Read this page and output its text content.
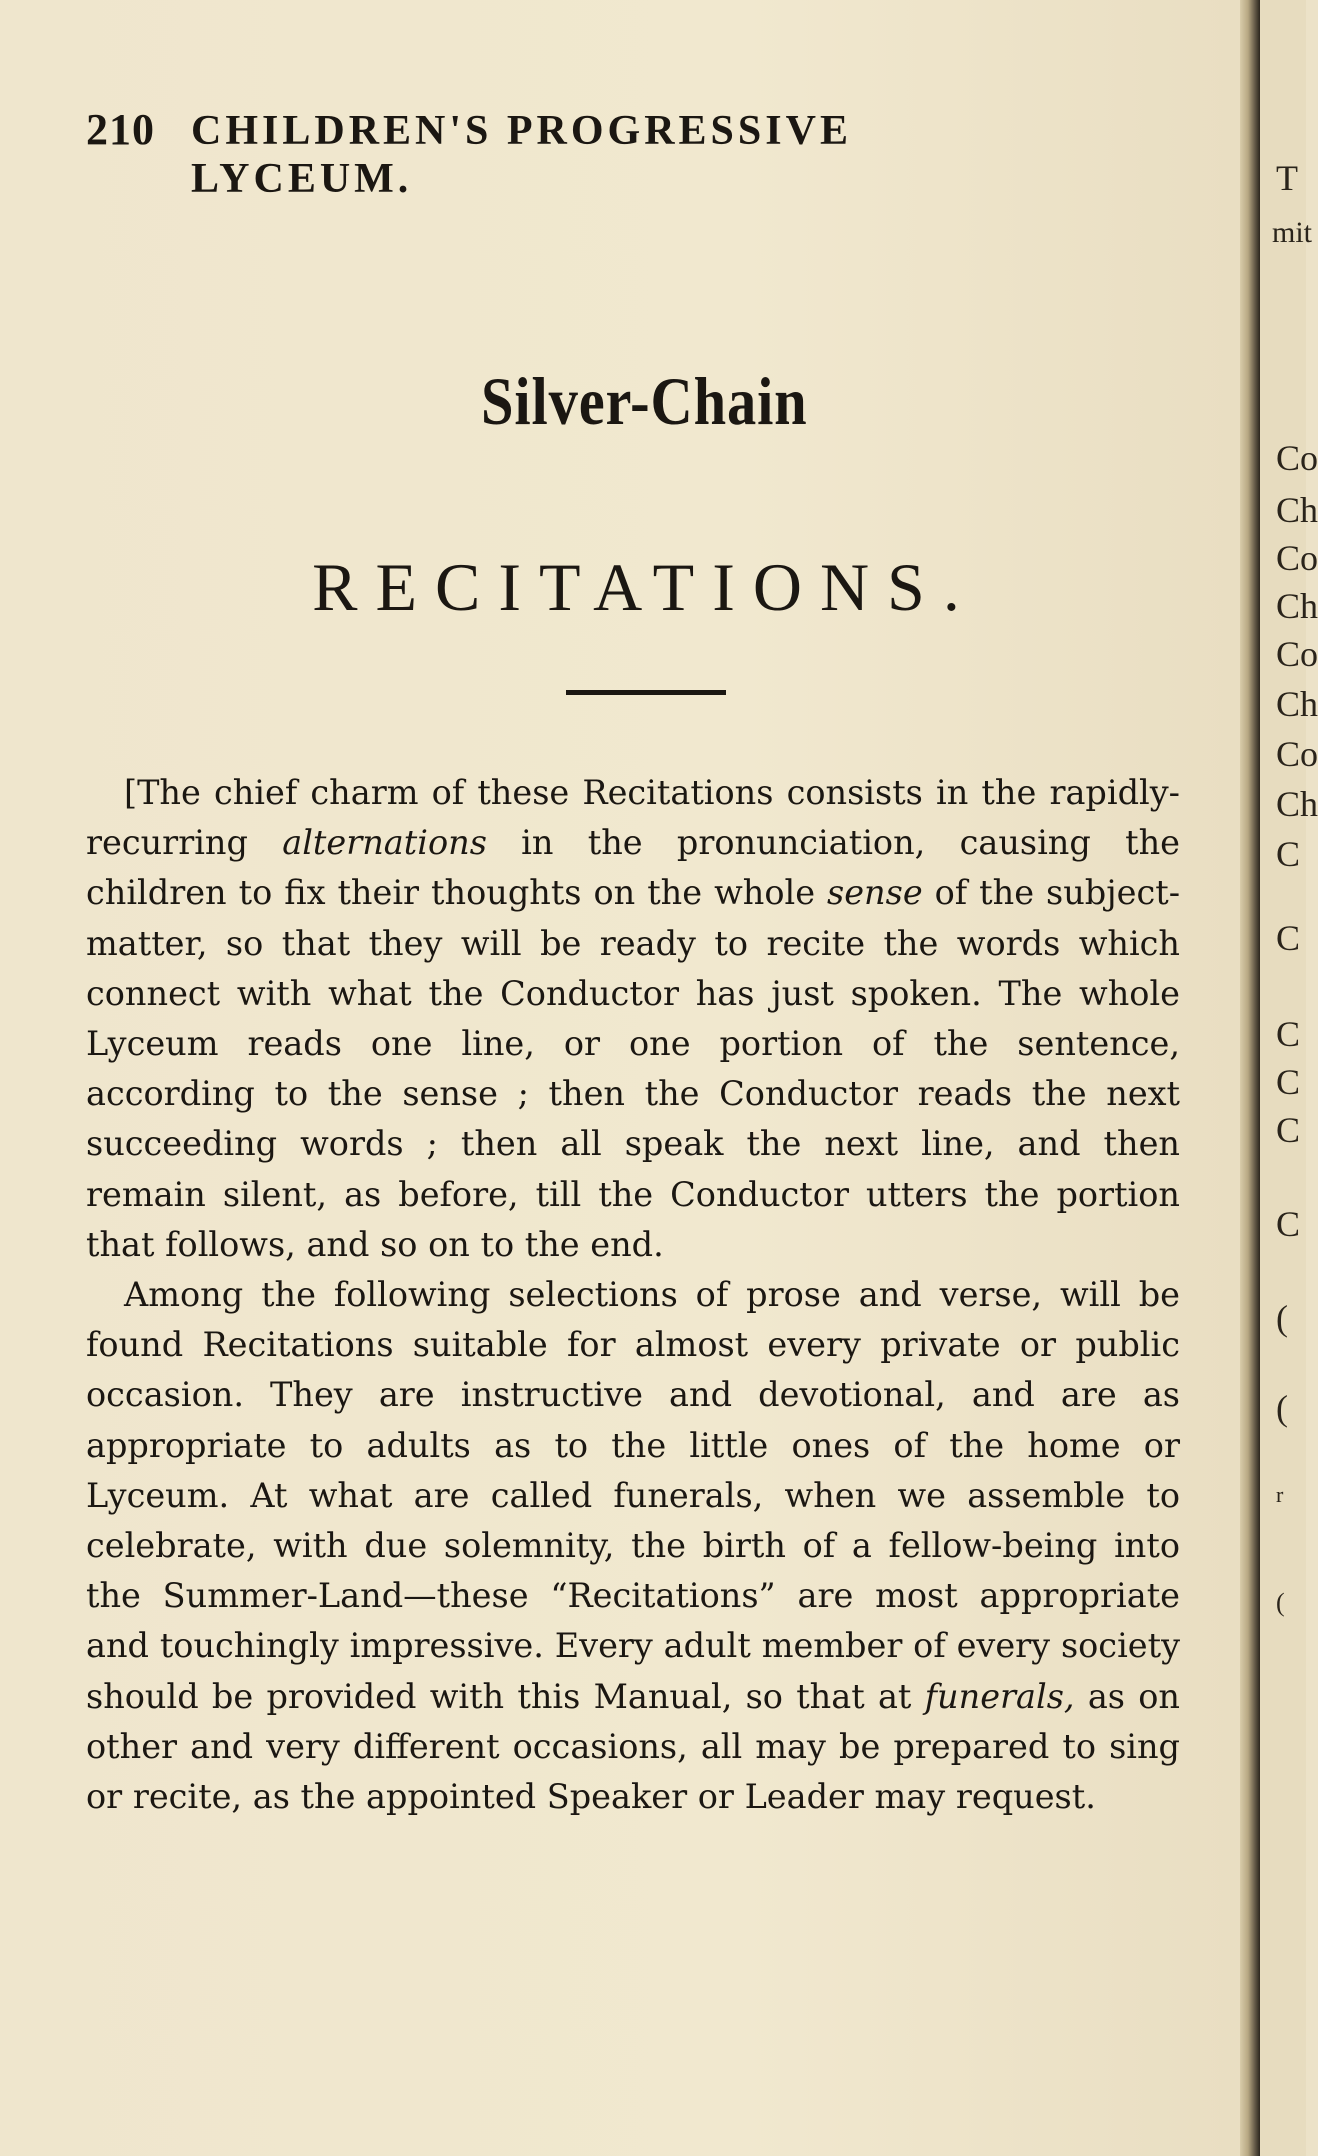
210 CHILDREN'S PROGRESSIVE LYCEUM.
Silver-Chain
RECITATIONS.

[The chief charm of these Recitations consists in the rapidly-recurring alternations in the pronunciation, causing the children to fix their thoughts on the whole sense of the subject-matter, so that they will be ready to recite the words which connect with what the Conductor has just spoken. The whole Lyceum reads one line, or one portion of the sentence, according to the sense ; then the Conductor reads the next succeeding words ; then all speak the next line, and then remain silent, as before, till the Conductor utters the portion that follows, and so on to the end.

Among the following selections of prose and verse, will be found Recitations suitable for almost every private or public occasion. They are instructive and devotional, and are as appropriate to adults as to the little ones of the home or Lyceum. At what are called funerals, when we assemble to celebrate, with due solemnity, the birth of a fellow-being into the Summer-Land—these “Recitations” are most appropriate and touchingly impressive. Every adult member of every society should be provided with this Manual, so that at funerals, as on other and very different occasions, all may be prepared to sing or recite, as the appointed Speaker or Leader may request.

T
mit
Co
Ch
Co
Ch
Co
Ch
Co
Ch
C
C
C
C
C
C
(
(
r
(
